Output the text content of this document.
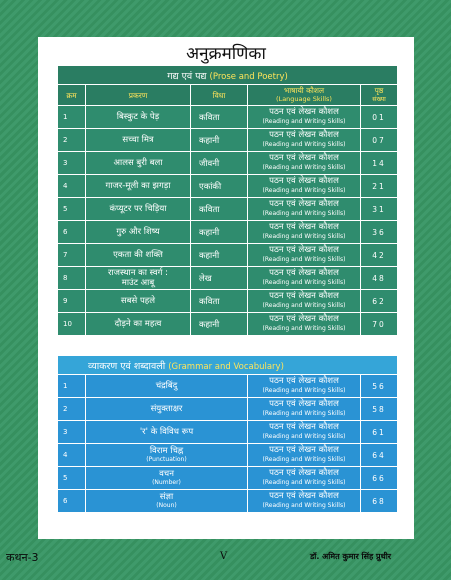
अनुक्रमणिका
गद्य एवं पद्य (Prose and Poetry)				
क्रम	प्रकरण	विधा	भाषायी कौशल
(Language Skills)	पृष्ठ
संख्या

1	बिस्कुट के पेड़	कविता	पठन एवं लेखन कौशल
(Reading and Writing Skills)	01
2	सच्चा मित्र	कहानी	पठन एवं लेखन कौशल
(Reading and Writing Skills)	07
3	आलस बुरी बला	जीवनी	पठन एवं लेखन कौशल
(Reading and Writing Skills)	14
4	गाजर-मूली का झगड़ा	एकांकी	पठन एवं लेखन कौशल
(Reading and Writing Skills)	21
5	कंप्यूटर पर चिड़िया	कविता	पठन एवं लेखन कौशल
(Reading and Writing Skills)	31
6	गुरु और शिष्य	कहानी	पठन एवं लेखन कौशल
(Reading and Writing Skills)	36
7	एकता की शक्ति	कहानी	पठन एवं लेखन कौशल
(Reading and Writing Skills)	42
8	राजस्थान का स्वर्ग :
माउंट आबू	लेख	पठन एवं लेखन कौशल
(Reading and Writing Skills)	48
9	सबसे पहले	कविता	पठन एवं लेखन कौशल
(Reading and Writing Skills)	62
10	दौड़ने का महत्व	कहानी	पठन एवं लेखन कौशल
(Reading and Writing Skills)	70
व्याकरण एवं शब्दावली (Grammar and Vocabulary)			
1	चंद्रबिंदु	पठन एवं लेखन कौशल
(Reading and Writing Skills)	56
2	संयुक्ताक्षर	पठन एवं लेखन कौशल
(Reading and Writing Skills)	58
3	'र' के विविध रूप	पठन एवं लेखन कौशल
(Reading and Writing Skills)	61
4	विराम चिह्न
(Punctuation)	पठन एवं लेखन कौशल
(Reading and Writing Skills)	64
5	वचन
(Number)	पठन एवं लेखन कौशल
(Reading and Writing Skills)	66
6	संज्ञा
(Noun)	पठन एवं लेखन कौशल
(Reading and Writing Skills)	68
कथन-3	V	डॉ. अमित कुमार सिंह प्रुथीर
